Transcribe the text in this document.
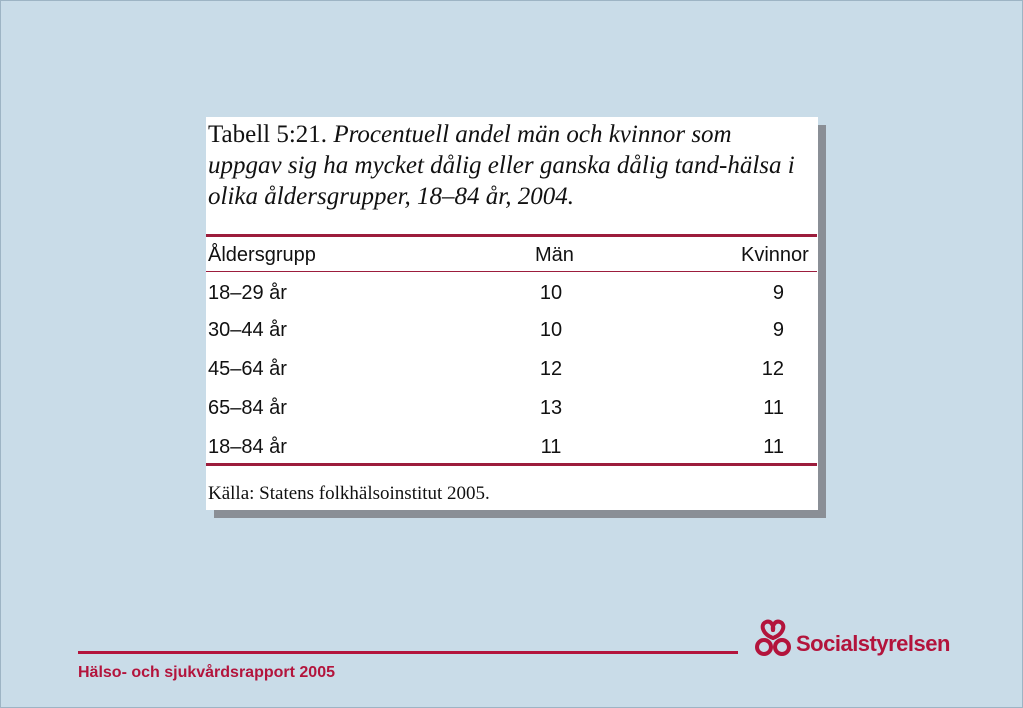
Tabell 5:21. Procentuell andel män och kvinnor som uppgav sig ha mycket dålig eller ganska dålig tand-hälsa i olika åldersgrupper, 18–84 år, 2004.
Åldersgrupp	Män	Kvinnor
18–29 år	10	9
30–44 år	10	9
45–64 år	12	12
65–84 år	13	11
18–84 år	11	11
Källa: Statens folkhälsoinstitut 2005.
Hälso- och sjukvårdsrapport 2005
Socialstyrelsen
